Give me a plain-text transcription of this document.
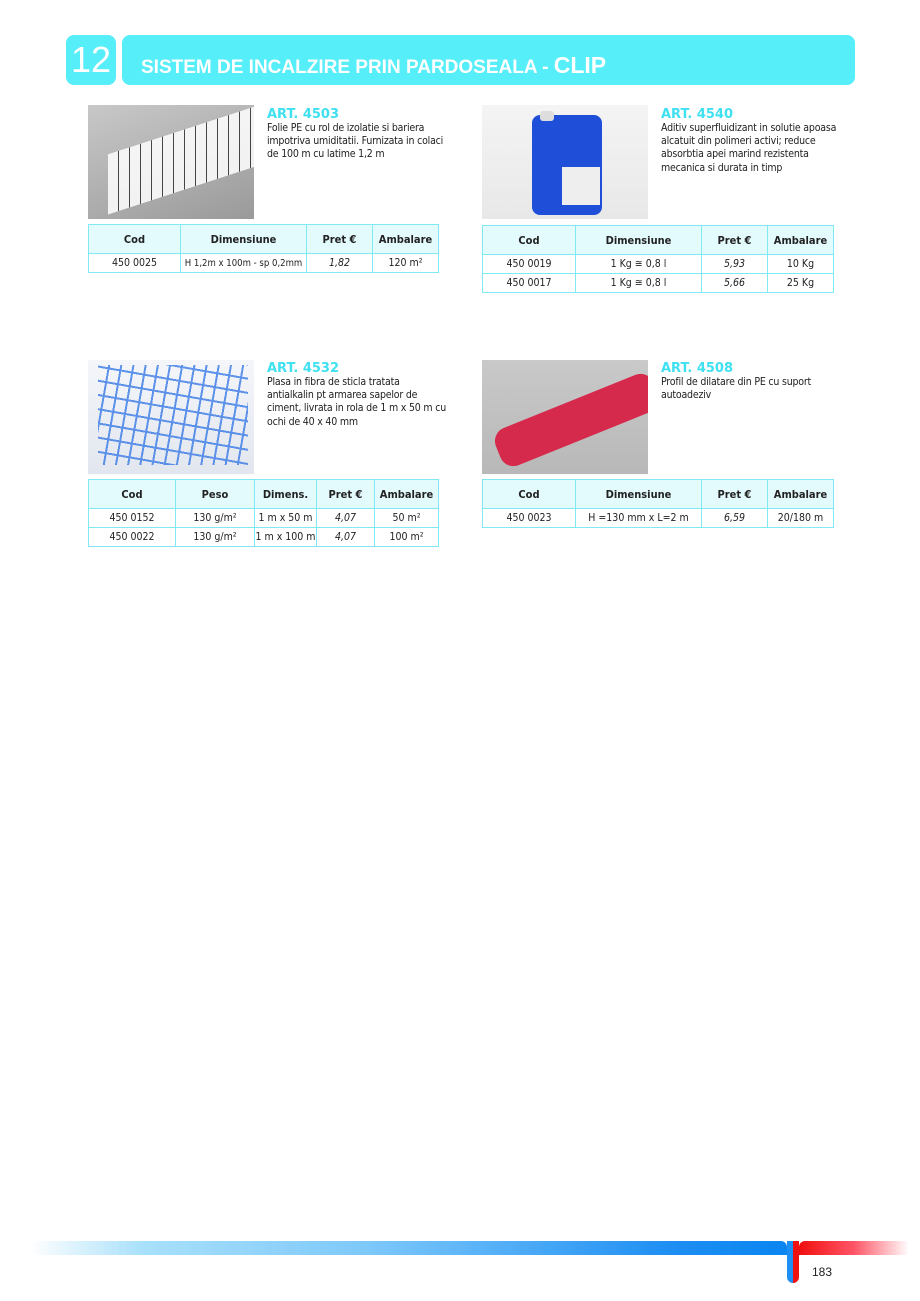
12	SISTEM DE INCALZIRE PRIN PARDOSEALA - CLIP
ART. 4503
Folie PE cu rol de izolatie si bariera impotriva umiditatii. Furnizata in colaci de 100 m cu latime 1,2 m
Cod	Dimensiune	Pret €	Ambalare
450 0025	H 1,2m x 100m - sp 0,2mm	1,82	120 m²
ART. 4540
Aditiv superfluidizant in solutie apoasa alcatuit din polimeri activi; reduce absorbtia apei marind rezistenta mecanica si durata in timp
Cod	Dimensiune	Pret €	Ambalare
450 0019	1 Kg ≅ 0,8 l	5,93	10 Kg
450 0017	1 Kg ≅ 0,8 l	5,66	25 Kg
ART. 4532
Plasa in fibra de sticla tratata antialkalin pt armarea sapelor de ciment, livrata in rola de 1 m x 50 m cu ochi de 40 x 40 mm
Cod	Peso	Dimens.	Pret €	Ambalare
450 0152	130 g/m²	1 m x 50 m	4,07	50 m²
450 0022	130 g/m²	1 m x 100 m	4,07	100 m²
ART. 4508
Profil de dilatare din PE cu suport autoadeziv
Cod	Dimensiune	Pret €	Ambalare
450 0023	H =130 mm x L=2 m	6,59	20/180 m
183
